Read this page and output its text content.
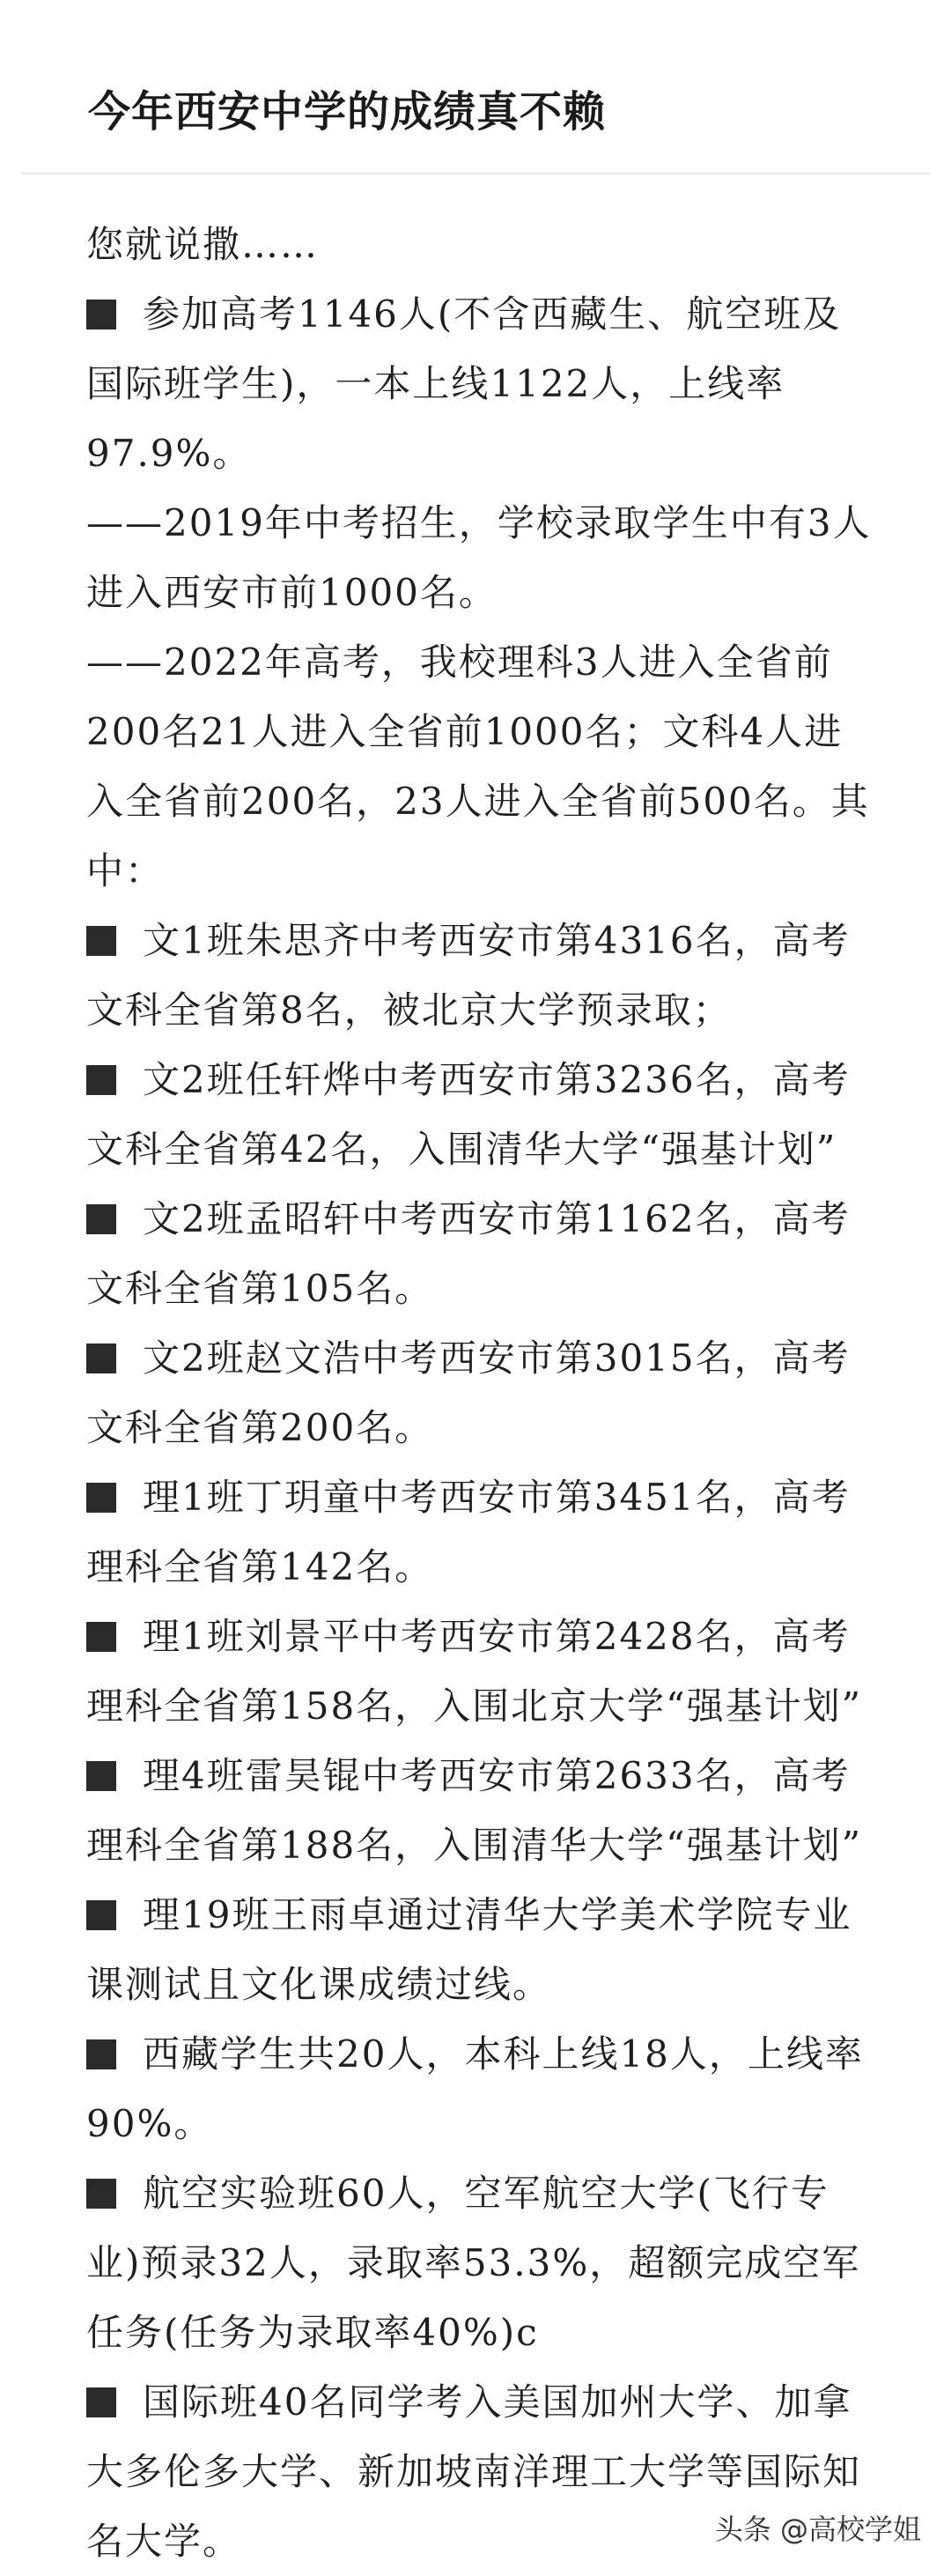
今年西安中学的成绩真不赖

您就说撒……

参加高考1146人(不含西藏生、航空班及国际班学生)，一本上线1122人，上线率97.9%。

——2019年中考招生，学校录取学生中有3人进入西安市前1000名。

——2022年高考，我校理科3人进入全省前200名21人进入全省前1000名；文科4人进入全省前200名，23人进入全省前500名。其中：

文1班朱思齐中考西安市第4316名，高考文科全省第8名，被北京大学预录取；

文2班任轩烨中考西安市第3236名，高考文科全省第42名，入围清华大学“强基计划”

文2班孟昭轩中考西安市第1162名，高考文科全省第105名。

文2班赵文浩中考西安市第3015名，高考文科全省第200名。

理1班丁玥童中考西安市第3451名，高考理科全省第142名。

理1班刘景平中考西安市第2428名，高考理科全省第158名，入围北京大学“强基计划”

理4班雷昊锟中考西安市第2633名，高考理科全省第188名，入围清华大学“强基计划”

理19班王雨卓通过清华大学美术学院专业课测试且文化课成绩过线。

西藏学生共20人，本科上线18人，上线率90%。

航空实验班60人，空军航空大学(飞行专业)预录32人，录取率53.3%，超额完成空军任务(任务为录取率40%)c

国际班40名同学考入美国加州大学、加拿大多伦多大学、新加坡南洋理工大学等国际知名大学。	头条 @高校学姐
